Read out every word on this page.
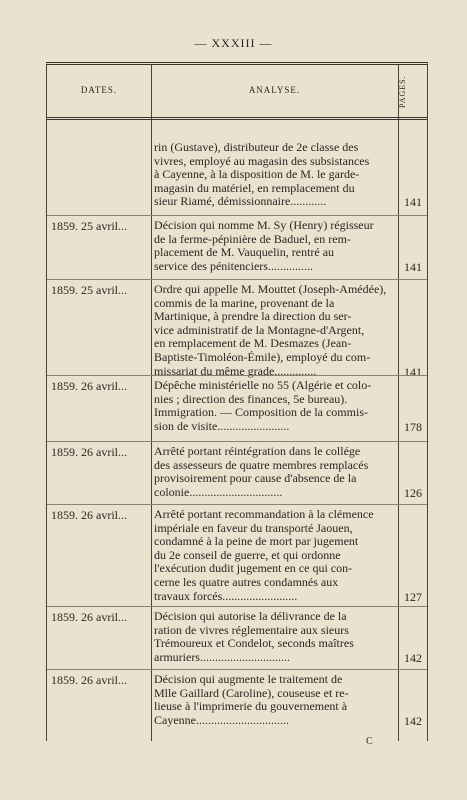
— XXXIII —
DATES.	ANALYSE.	PAGES.
rin (Gustave), distributeur de 2e classe des
vivres, employé au magasin des subsistances
à Cayenne, à la disposition de M. le garde-
magasin du matériel, en remplacement du
sieur Riamé, démissionnaire............	141
1859. 25 avril...	Décision qui nomme M. Sy (Henry) régisseur
de la ferme-pépinière de Baduel, en rem-
placement de M. Vauquelin, rentré au
service des pénitenciers...............	141
1859. 25 avril...	Ordre qui appelle M. Mouttet (Joseph-Amédée),
commis de la marine, provenant de la
Martinique, à prendre la direction du ser-
vice administratif de la Montagne-d'Argent,
en remplacement de M. Desmazes (Jean-
Baptiste-Timoléon-Émile), employé du com-
missariat du même grade..............	141
1859. 26 avril...	Dépêche ministérielle no 55 (Algérie et colo-
nies ; direction des finances, 5e bureau).
Immigration. — Composition de la commis-
sion de visite........................	178
1859. 26 avril...	Arrêté portant réintégration dans le collége
des assesseurs de quatre membres remplacés
provisoirement pour cause d'absence de la
colonie...............................	126
1859. 26 avril...	Arrêté portant recommandation à la clémence
impériale en faveur du transporté Jaouen,
condamné à la peine de mort par jugement
du 2e conseil de guerre, et qui ordonne
l'exécution dudit jugement en ce qui con-
cerne les quatre autres condamnés aux
travaux forcés.........................	127
1859. 26 avril...	Décision qui autorise la délivrance de la
ration de vivres réglementaire aux sieurs
Trémoureux et Condelot, seconds maîtres
armuriers..............................	142
1859. 26 avril...	Décision qui augmente le traitement de
Mlle Gaillard (Caroline), couseuse et re-
lieuse à l'imprimerie du gouvernement à
Cayenne...............................	142
C
